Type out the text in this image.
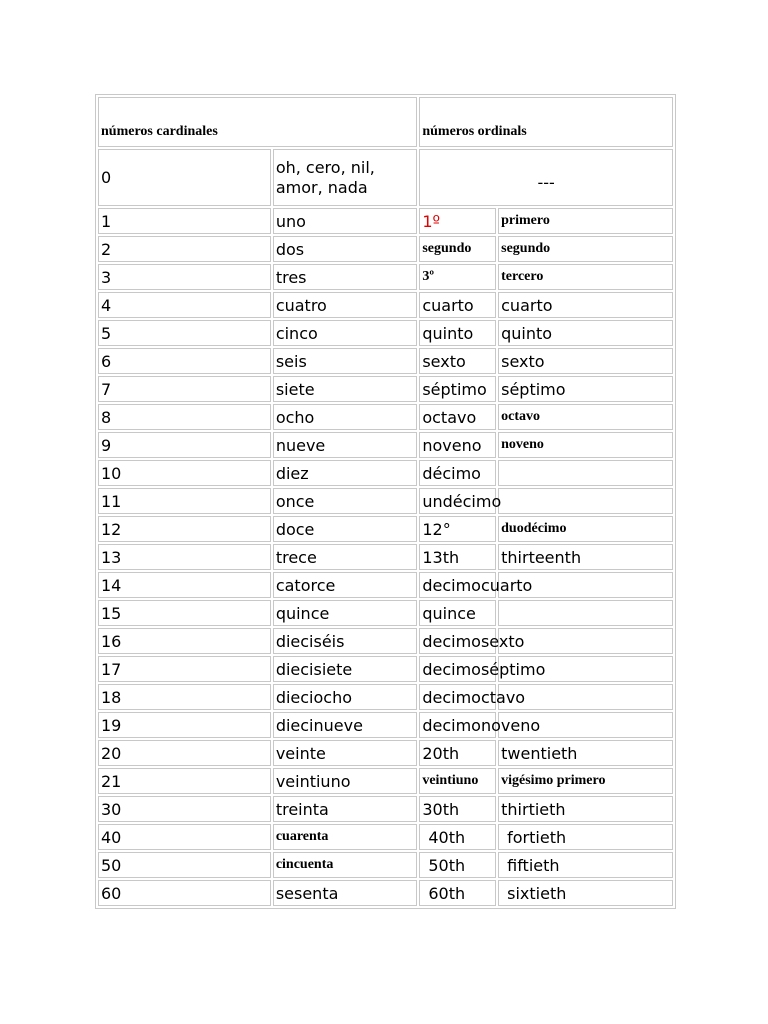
números cardinales		números ordinals	
0	oh, cero, nil, amor, nada	---	
1	uno	1º	primero
2	dos	segundo	segundo
3	tres	3º	tercero
4	cuatro	cuarto	cuarto
5	cinco	quinto	quinto
6	seis	sexto	sexto
7	siete	séptimo	séptimo
8	ocho	octavo	octavo
9	nueve	noveno	noveno
10	diez	décimo	
11	once	undécimo	
12	doce	12°	duodécimo
13	trece	13th	thirteenth
14	catorce	decimocuarto	
15	quince	quince	
16	dieciséis	decimosexto	
17	diecisiete	decimoséptimo	
18	dieciocho	decimoctavo	
19	diecinueve	decimonoveno	
20	veinte	20th	twentieth
21	veintiuno	veintiuno	vigésimo primero
30	treinta	30th	thirtieth
40	cuarenta	40th	fortieth
50	cincuenta	50th	fiftieth
60	sesenta	60th	sixtieth
